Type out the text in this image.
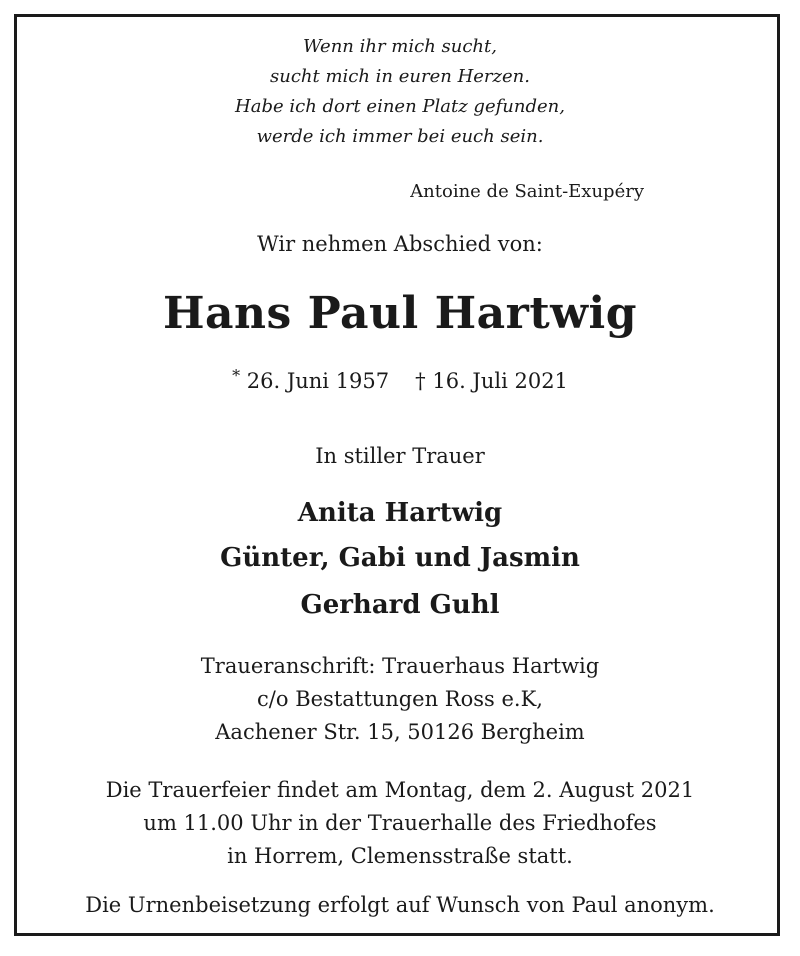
Wenn ihr mich sucht,

sucht mich in euren Herzen.

Habe ich dort einen Platz gefunden,

werde ich immer bei euch sein.

Antoine de Saint-Exupéry

Wir nehmen Abschied von:

Hans Paul Hartwig

* 26. Juni 1957 † 16. Juli 2021

In stiller Trauer

Anita Hartwig

Günter, Gabi und Jasmin

Gerhard Guhl

Traueranschrift: Trauerhaus Hartwig

c/o Bestattungen Ross e.K,

Aachener Str. 15, 50126 Bergheim

Die Trauerfeier findet am Montag, dem 2. August 2021

um 11.00 Uhr in der Trauerhalle des Friedhofes

in Horrem, Clemensstraße statt.

Die Urnenbeisetzung erfolgt auf Wunsch von Paul anonym.
